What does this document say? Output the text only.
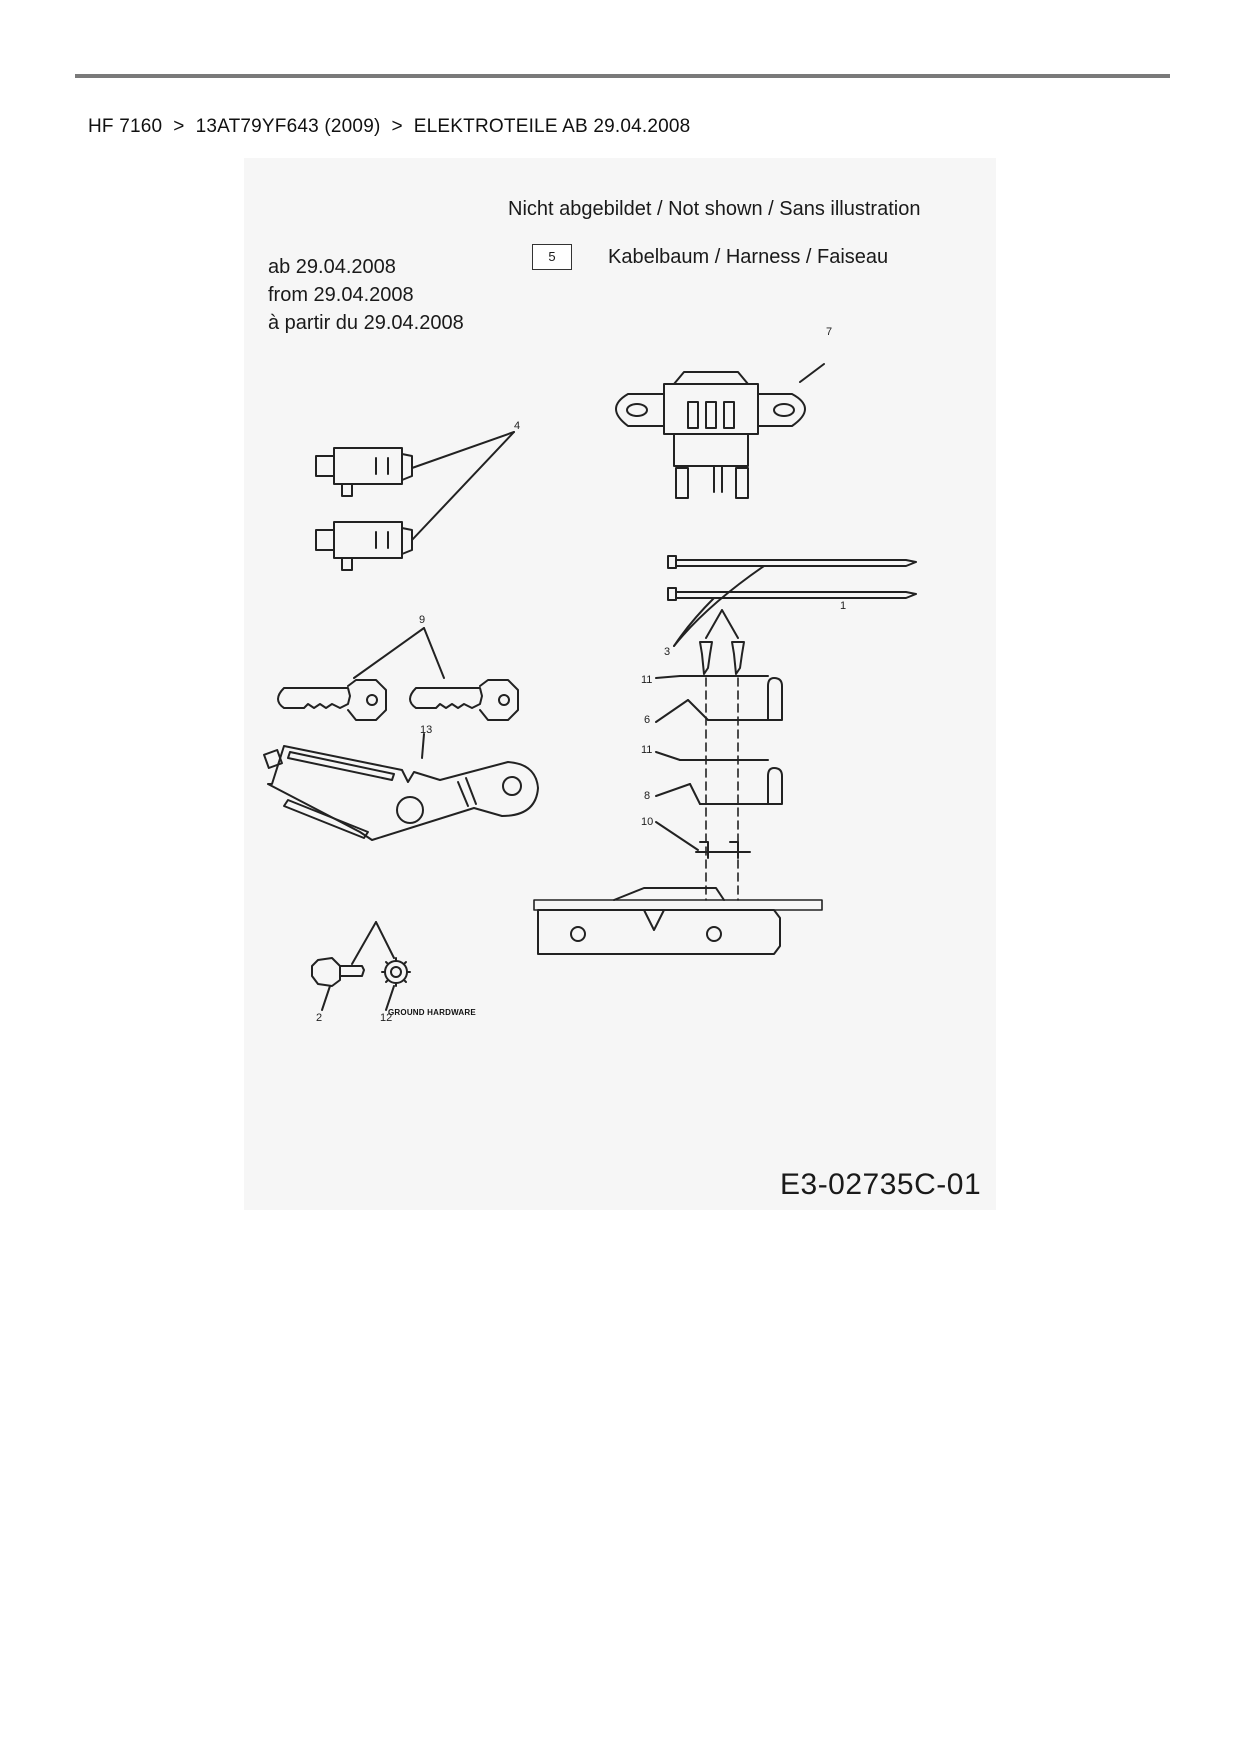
HF 7160 > 13AT79YF643 (2009) > ELEKTROTEILE AB 29.04.2008
Nicht abgebildet / Not shown / Sans illustration
5	Kabelbaum / Harness / Faiseau
ab 29.04.2008
from 29.04.2008
à partir du 29.04.2008	7
4
3
1
9
11
6
11
8
13
10
2	12
GROUND HARDWARE
E3-02735C-01
